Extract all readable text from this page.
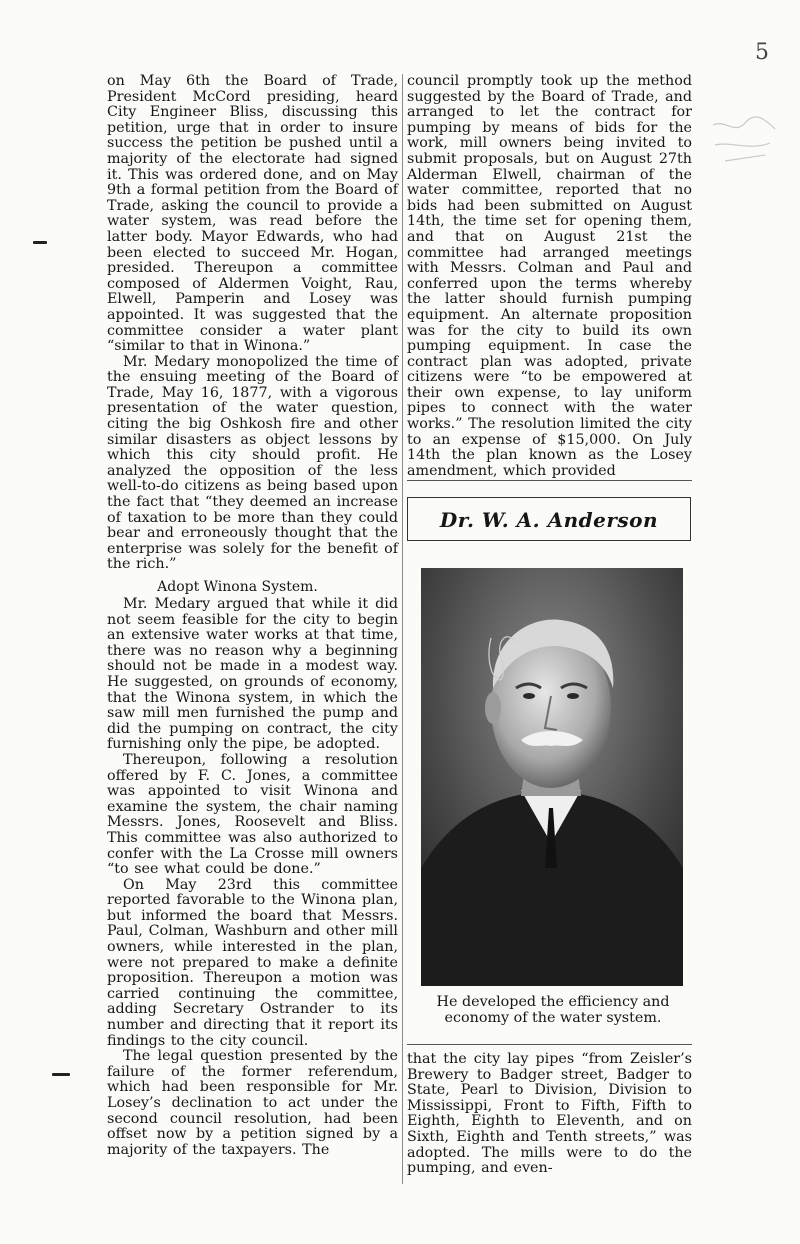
5

on May 6th the Board of Trade, President McCord presiding, heard City Engineer Bliss, discussing this petition, urge that in order to insure success the petition be pushed until a majority of the electorate had signed it. This was ordered done, and on May 9th a formal petition from the Board of Trade, asking the council to provide a water system, was read before the latter body. Mayor Edwards, who had been elected to succeed Mr. Hogan, presided. Thereupon a committee composed of Aldermen Voight, Rau, Elwell, Pamperin and Losey was appointed. It was suggested that the committee consider a water plant “similar to that in Winona.”

Mr. Medary monopolized the time of the ensuing meeting of the Board of Trade, May 16, 1877, with a vigorous presentation of the water question, citing the big Oshkosh fire and other similar disasters as object lessons by which this city should profit. He analyzed the opposition of the less well-to-do citizens as being based upon the fact that “they deemed an increase of taxation to be more than they could bear and erroneously thought that the enterprise was solely for the benefit of the rich.”

Adopt Winona System.

Mr. Medary argued that while it did not seem feasible for the city to begin an extensive water works at that time, there was no reason why a beginning should not be made in a modest way. He suggested, on grounds of economy, that the Winona system, in which the saw mill men furnished the pump and did the pumping on contract, the city furnishing only the pipe, be adopted.

Thereupon, following a resolution offered by F. C. Jones, a committee was appointed to visit Winona and examine the system, the chair naming Messrs. Jones, Roosevelt and Bliss. This committee was also authorized to confer with the La Crosse mill owners “to see what could be done.”

On May 23rd this committee reported favorable to the Winona plan, but informed the board that Messrs. Paul, Colman, Washburn and other mill owners, while interested in the plan, were not prepared to make a definite proposition. Thereupon a motion was carried continuing the committee, adding Secretary Ostrander to its number and directing that it report its findings to the city council.

The legal question presented by the failure of the former referendum, which had been responsible for Mr. Losey’s declination to act under the second council resolution, had been offset now by a petition signed by a majority of the taxpayers. The

council promptly took up the method suggested by the Board of Trade, and arranged to let the contract for pumping by means of bids for the work, mill owners being invited to submit proposals, but on August 27th Alderman Elwell, chairman of the water committee, reported that no bids had been submitted on August 14th, the time set for opening them, and that on August 21st the committee had arranged meetings with Messrs. Colman and Paul and conferred upon the terms whereby the latter should furnish pumping equipment. An alternate proposition was for the city to build its own pumping equipment. In case the contract plan was adopted, private citizens were “to be empowered at their own expense, to lay uniform pipes to connect with the water works.” The resolution limited the city to an expense of $15,000. On July 14th the plan known as the Losey amendment, which provided

Dr. W. A. Anderson
He developed the efficiency and economy of the water system.

that the city lay pipes “from Zeisler’s Brewery to Badger street, Badger to State, Pearl to Division, Division to Mississippi, Front to Fifth, Fifth to Eighth, Eighth to Eleventh, and on Sixth, Eighth and Tenth streets,” was adopted. The mills were to do the pumping, and even-
